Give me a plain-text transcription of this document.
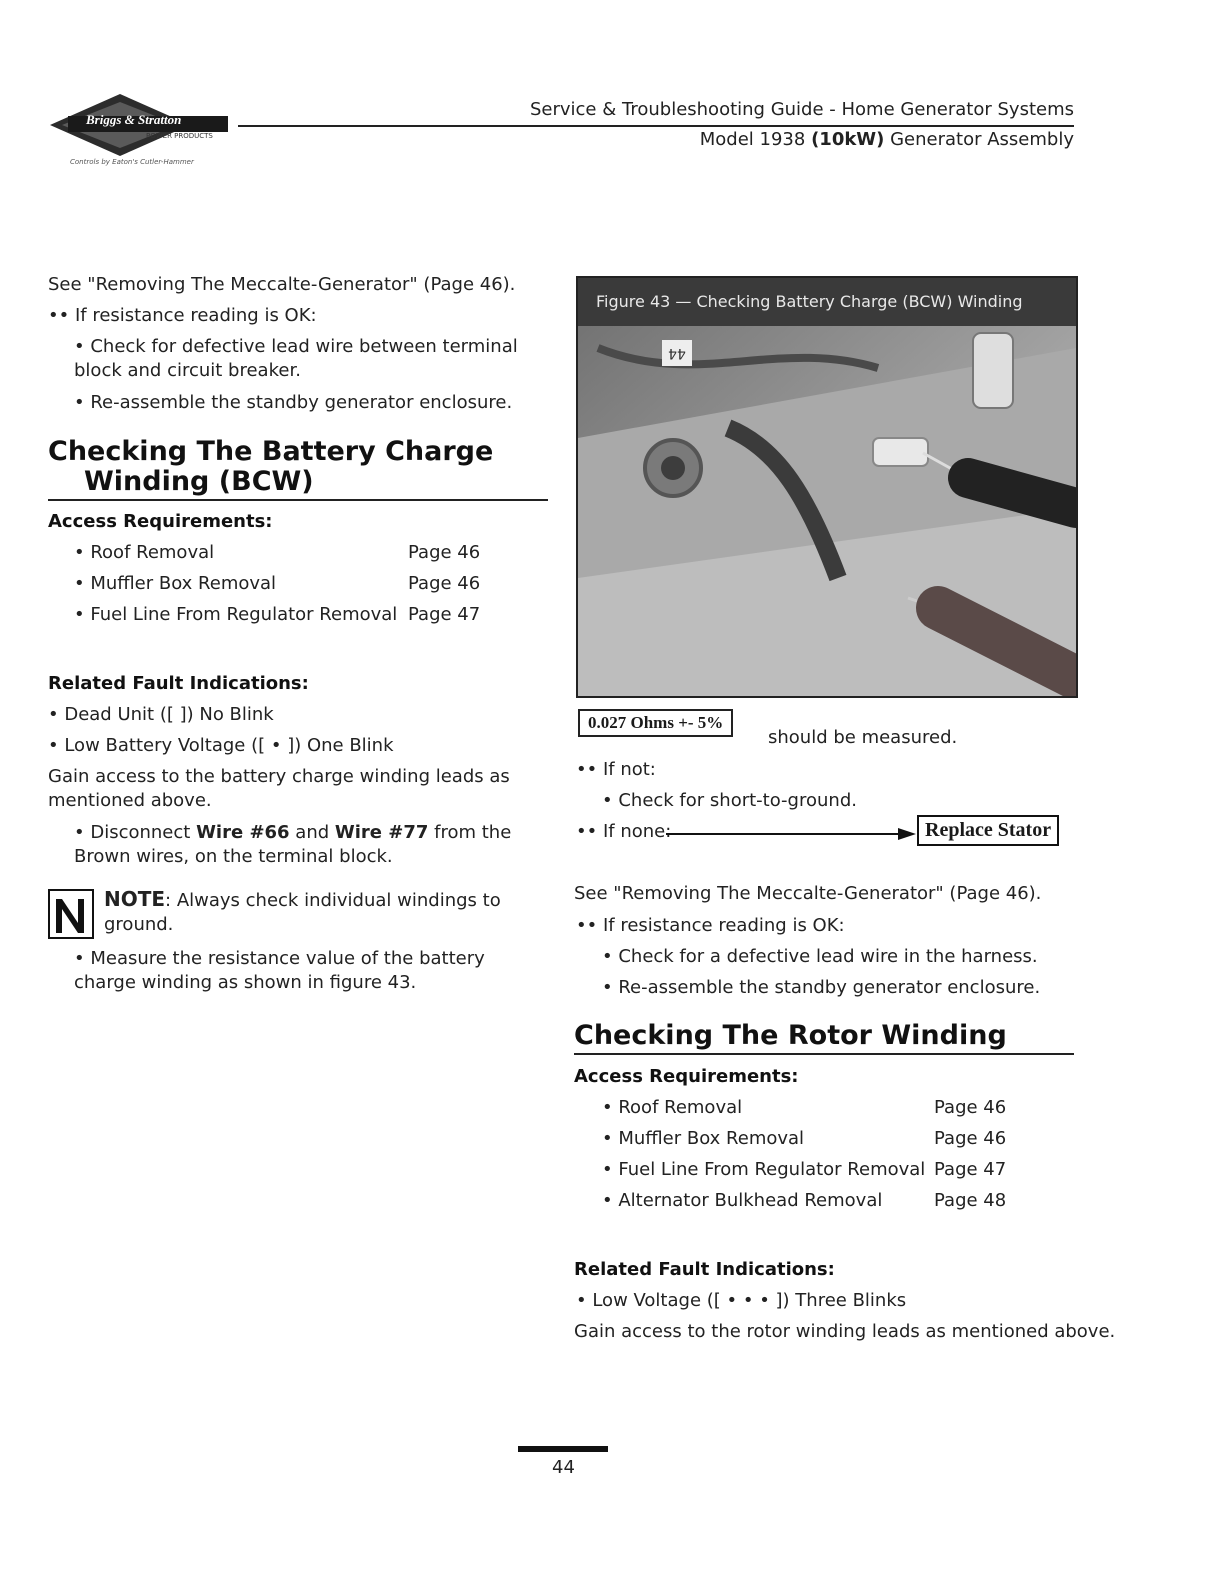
Briggs & Stratton
POWER PRODUCTS
Controls by Eaton's Cutler-Hammer
Service & Troubleshooting Guide - Home Generator Systems
Model 1938 (10kW) Generator Assembly
See "Removing The Meccalte-Generator" (Page 46).
•• If resistance reading is OK:
• Check for defective lead wire between terminal block and circuit breaker.
• Re-assemble the standby generator enclosure.
Checking The Battery Charge
Winding (BCW)
Access Requirements:
• Roof Removal	Page 46
• Muffler Box Removal	Page 46
• Fuel Line From Regulator Removal Page 47
Related Fault Indications:
• Dead Unit ([ ]) No Blink
• Low Battery Voltage ([ • ]) One Blink
Gain access to the battery charge winding leads as mentioned above.
• Disconnect Wire #66 and Wire #77 from the Brown wires, on the terminal block.
NOTE: Always check individual windings to ground.
• Measure the resistance value of the battery charge winding as shown in figure 43.
Figure 43 — Checking Battery Charge (BCW) Winding
44
0.027 Ohms +- 5%
should be measured.
•• If not:
• Check for short-to-ground.
•• If none:	Replace Stator
See "Removing The Meccalte-Generator" (Page 46).
•• If resistance reading is OK:
• Check for a defective lead wire in the harness.
• Re-assemble the standby generator enclosure.
Checking The Rotor Winding
Access Requirements:
• Roof Removal	Page 46
• Muffler Box Removal	Page 46
• Fuel Line From Regulator Removal Page 47
• Alternator Bulkhead Removal	Page 48
Related Fault Indications:
• Low Voltage ([ • • • ]) Three Blinks
Gain access to the rotor winding leads as mentioned above.
44
